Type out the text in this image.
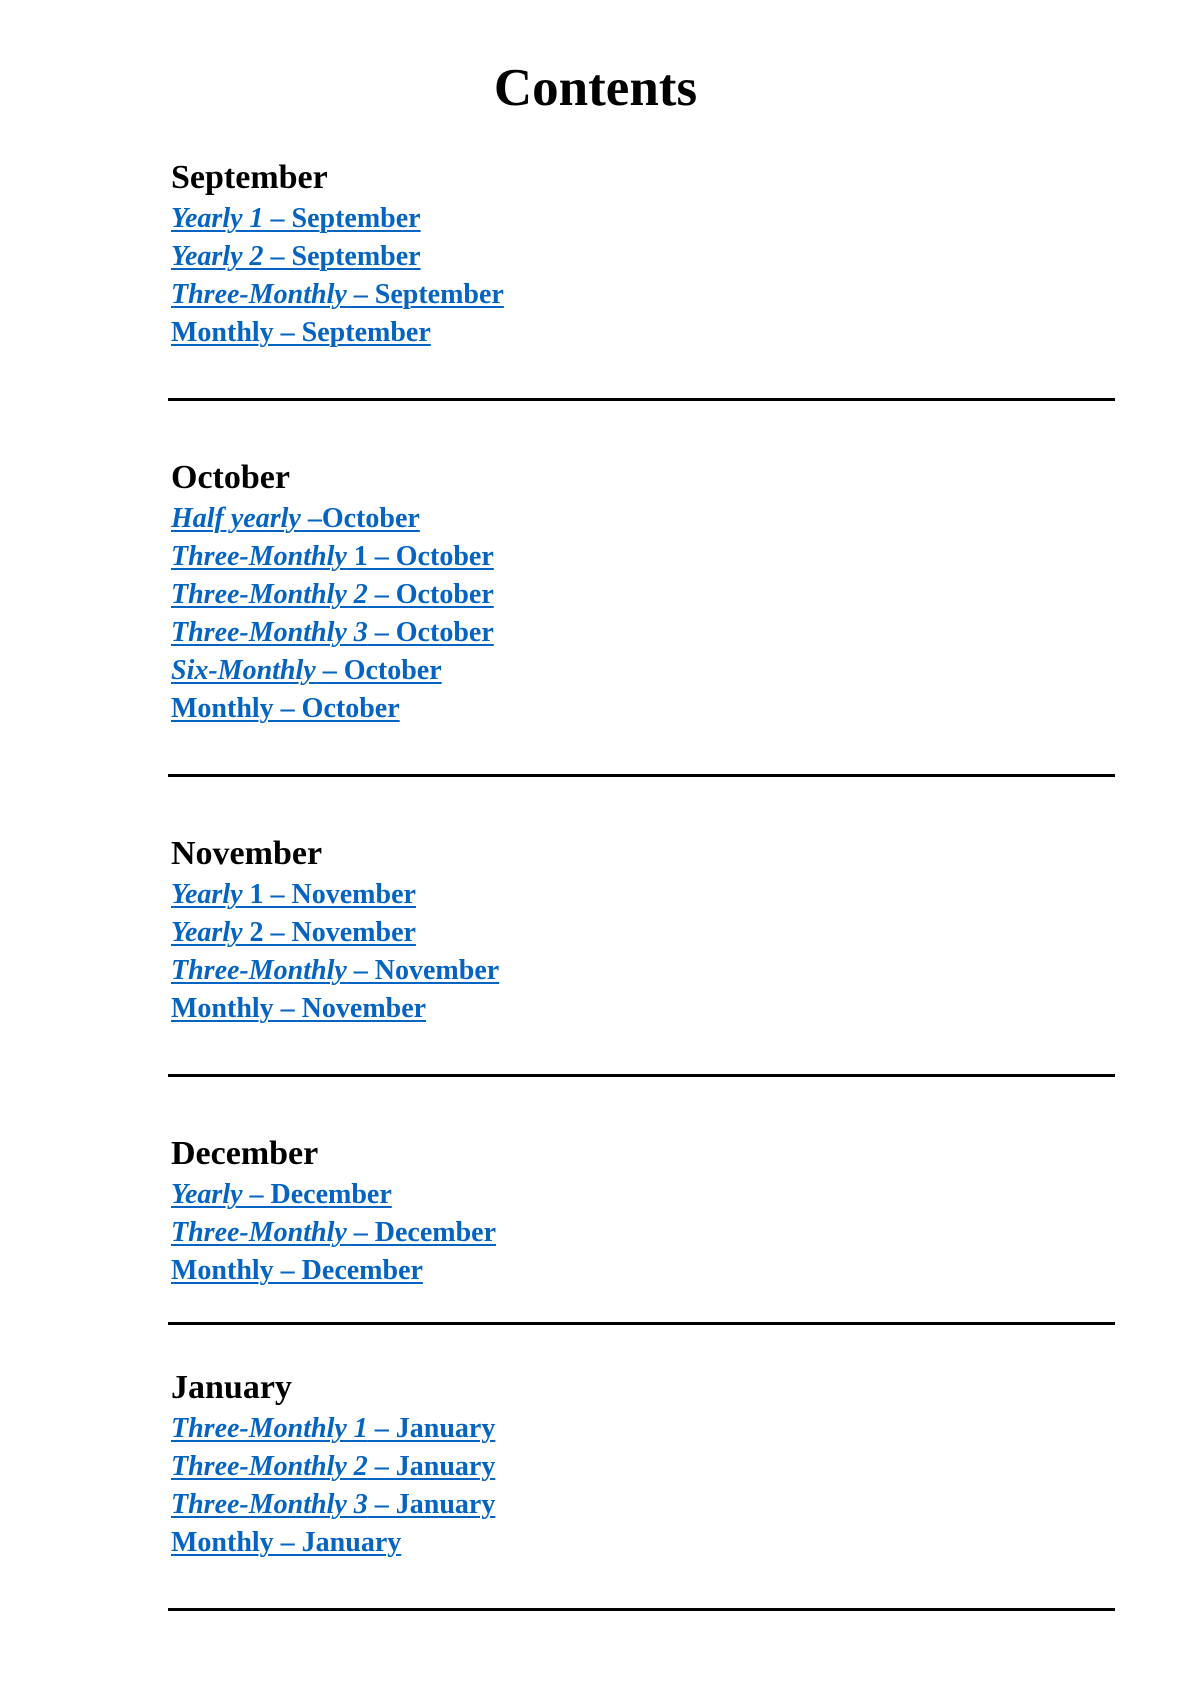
Contents
September
Yearly 1 – September
Yearly 2 – September
Three-Monthly – September
Monthly – September
October
Half yearly –October
Three-Monthly 1 – October
Three-Monthly 2 – October
Three-Monthly 3 – October
Six-Monthly – October
Monthly – October
November
Yearly 1 – November
Yearly 2 – November
Three-Monthly – November
Monthly – November
December
Yearly – December
Three-Monthly – December
Monthly – December
January
Three-Monthly 1 – January
Three-Monthly 2 – January
Three-Monthly 3 – January
Monthly – January
